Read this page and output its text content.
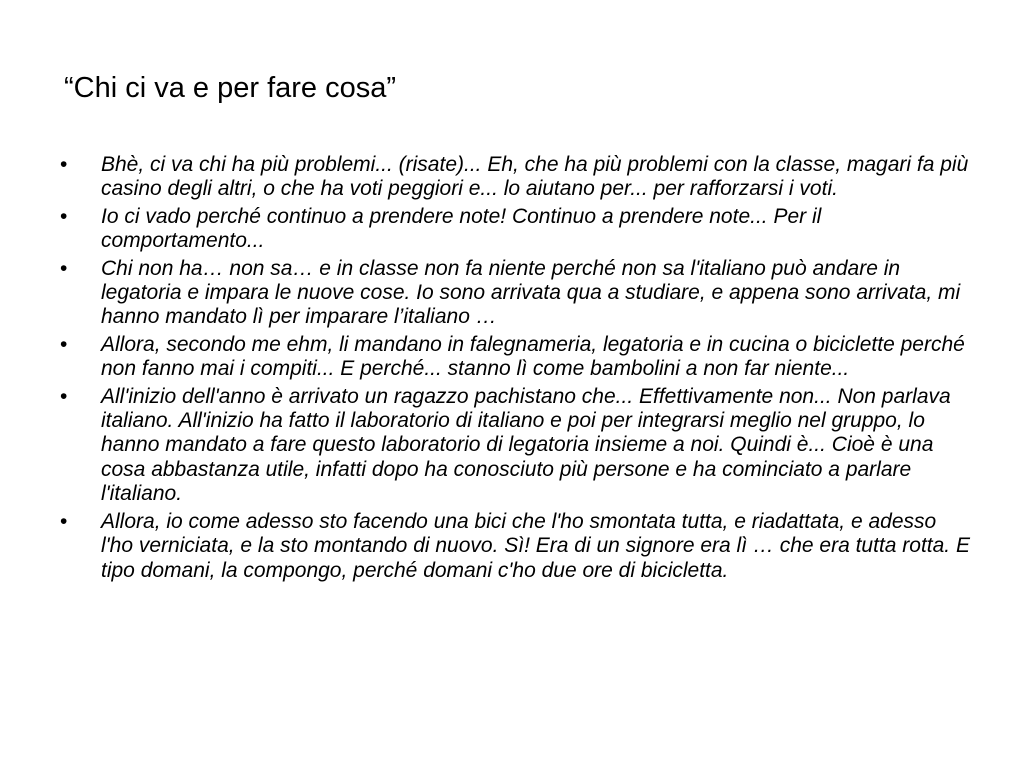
“Chi ci va e per fare cosa”
• Bhè, ci va chi ha più problemi... (risate)... Eh, che ha più problemi con la classe, magari fa più casino degli altri, o che ha voti peggiori e... lo aiutano per... per rafforzarsi i voti.
• Io ci vado perché continuo a prendere note! Continuo a prendere note... Per il comportamento...
• Chi non ha… non sa… e in classe non fa niente perché non sa l'italiano può andare in legatoria e impara le nuove cose. Io sono arrivata qua a studiare, e appena sono arrivata, mi hanno mandato lì per imparare l’italiano …
• Allora, secondo me ehm, li mandano in falegnameria, legatoria e in cucina o biciclette perché non fanno mai i compiti... E perché... stanno lì come bambolini a non far niente...
• All'inizio dell'anno è arrivato un ragazzo pachistano che... Effettivamente non... Non parlava italiano. All'inizio ha fatto il laboratorio di italiano e poi per integrarsi meglio nel gruppo, lo hanno mandato a fare questo laboratorio di legatoria insieme a noi. Quindi è... Cioè è una cosa abbastanza utile, infatti dopo ha conosciuto più persone e ha cominciato a parlare l'italiano.
• Allora, io come adesso sto facendo una bici che l'ho smontata tutta, e riadattata, e adesso l'ho verniciata, e la sto montando di nuovo. Sì! Era di un signore era lì … che era tutta rotta. E tipo domani, la compongo, perché domani c'ho due ore di bicicletta.
